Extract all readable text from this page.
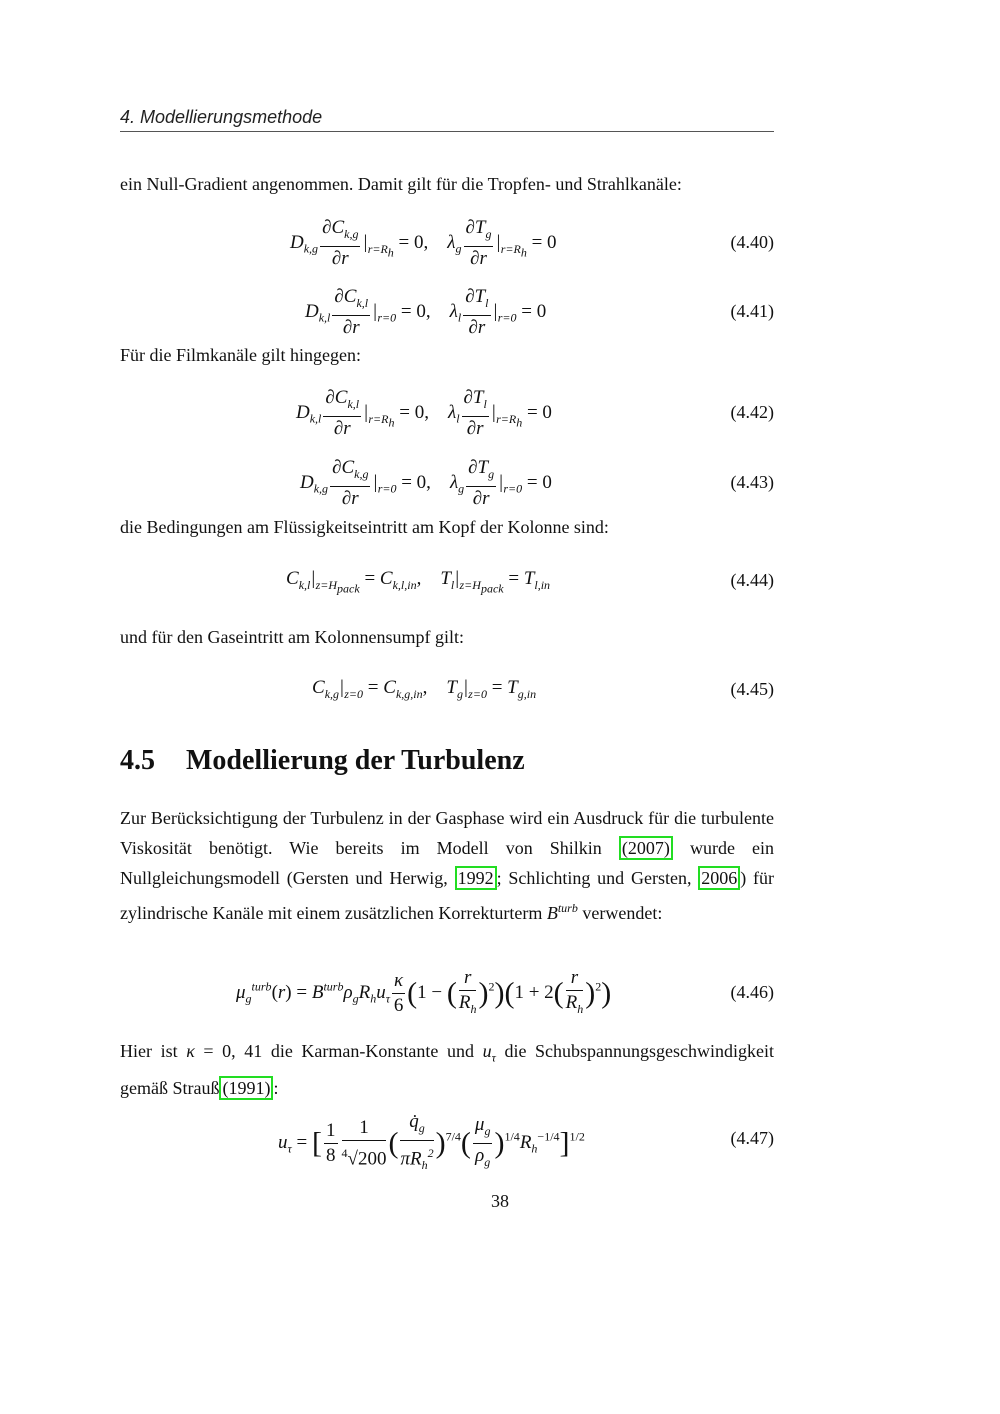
4. Modellierungsmethode
ein Null-Gradient angenommen. Damit gilt für die Tropfen- und Strahlkanäle:
$D_{k,g} \frac{\partial C_{k,g}}{\partial r} |_{r=R_h} = 0$,    $\lambda_g \frac{\partial T_g}{\partial r} |_{r=R_h} = 0$	(4.40)
$D_{k,l} \frac{\partial C_{k,l}}{\partial r} |_{r=0} = 0$,    $\lambda_l \frac{\partial T_l}{\partial r} |_{r=0} = 0$	(4.41)
Für die Filmkanäle gilt hingegen:
$D_{k,l} \frac{\partial C_{k,l}}{\partial r} |_{r=R_h} = 0$,    $\lambda_l \frac{\partial T_l}{\partial r} |_{r=R_h} = 0$	(4.42)
$D_{k,g} \frac{\partial C_{k,g}}{\partial r} |_{r=0} = 0$,    $\lambda_g \frac{\partial T_g}{\partial r} |_{r=0} = 0$	(4.43)
die Bedingungen am Flüssigkeitseintritt am Kopf der Kolonne sind:
$C_{k,l}|_{z=H_{pack}} = C_{k,l,in}$,    $T_l|_{z=H_{pack}} = T_{l,in}$	(4.44)
und für den Gaseintritt am Kolonnensumpf gilt:
$C_{k,g}|_{z=0} = C_{k,g,in}$,    $T_g|_{z=0} = T_{g,in}$	(4.45)
4.5 Modellierung der Turbulenz
Zur Berücksichtigung der Turbulenz in der Gasphase wird ein Ausdruck für die turbulente Viskosität benötigt. Wie bereits im Modell von Shilkin (2007) wurde ein Nullgleichungsmodell (Gersten und Herwig, 1992 ; Schlichting und Gersten, 2006 ) für zylindrische Kanäle mit einem zusätzlichen Korrekturterm $B^{turb}$ verwendet:
$\mu_g^{turb}(r) = B^{turb}\rho_gR_hu_\tau \frac{\kappa}{6} (1$ − ( $\frac{r}{R_h} )^2)(1 + 2( \frac{r}{R_h} )^2)$	(4.46)
Hier ist κ = 0, 41 die Karman-Konstante und $u_\tau$ die Schubspannungsgeschwindigkeit gemäß Strauß (1991) :
$u_\tau$ = [ $\frac{1}{8} \frac{1}{^4√200}$ ( $\frac{q̇_g}{\pi R_h^2} )^{7/4}( \frac{\mu_g}{\rho_g} )^{1/4}R_h^{-1/4}]^{1/2}$	(4.47)
38
